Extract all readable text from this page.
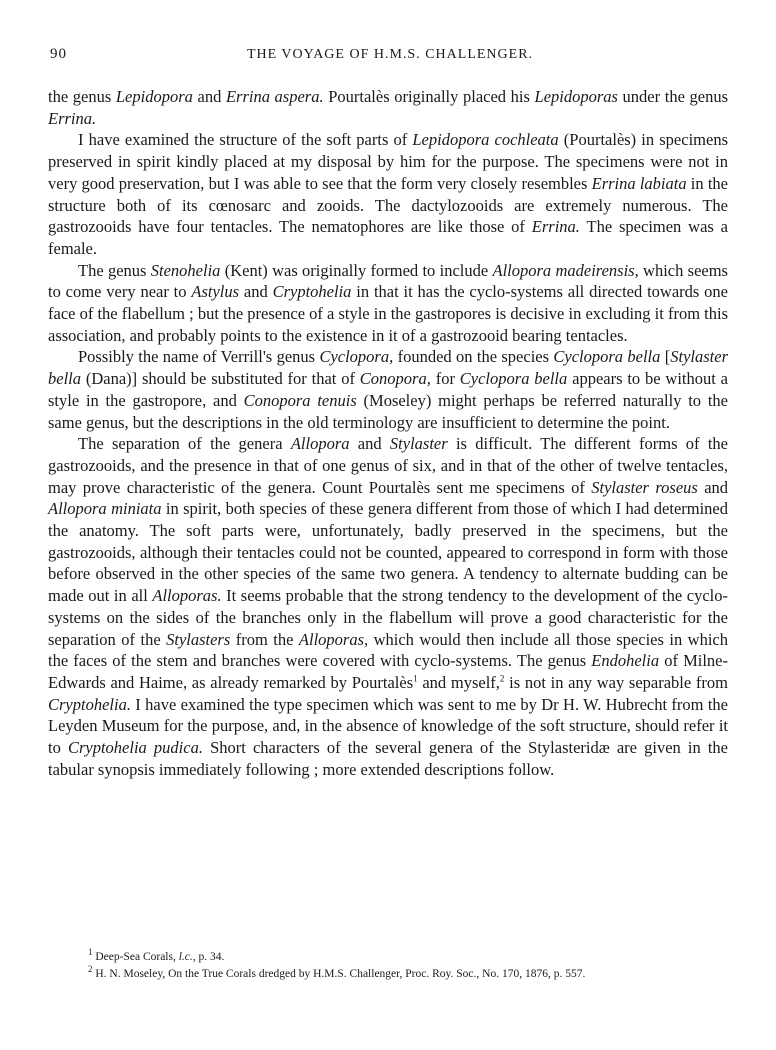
90	THE VOYAGE OF H.M.S. CHALLENGER.

the genus Lepidopora and Errina aspera. Pourtalès originally placed his Lepidoporas under the genus Errina.

I have examined the structure of the soft parts of Lepidopora cochleata (Pourtalès) in specimens preserved in spirit kindly placed at my disposal by him for the purpose. The specimens were not in very good preservation, but I was able to see that the form very closely resembles Errina labiata in the structure both of its cœnosarc and zooids. The dactylozooids are extremely numerous. The gastrozooids have four tentacles. The nematophores are like those of Errina. The specimen was a female.

The genus Stenohelia (Kent) was originally formed to include Allopora madeirensis, which seems to come very near to Astylus and Cryptohelia in that it has the cyclo-systems all directed towards one face of the flabellum ; but the presence of a style in the gastropores is decisive in excluding it from this association, and probably points to the existence in it of a gastrozooid bearing tentacles.

Possibly the name of Verrill's genus Cyclopora, founded on the species Cyclopora bella [Stylaster bella (Dana)] should be substituted for that of Conopora, for Cyclopora bella appears to be without a style in the gastropore, and Conopora tenuis (Moseley) might perhaps be referred naturally to the same genus, but the descriptions in the old terminology are insufficient to determine the point.

The separation of the genera Allopora and Stylaster is difficult. The different forms of the gastrozooids, and the presence in that of one genus of six, and in that of the other of twelve tentacles, may prove characteristic of the genera. Count Pourtalès sent me specimens of Stylaster roseus and Allopora miniata in spirit, both species of these genera different from those of which I had determined the anatomy. The soft parts were, unfortunately, badly preserved in the specimens, but the gastrozooids, although their tentacles could not be counted, appeared to correspond in form with those before observed in the other species of the same two genera. A tendency to alternate budding can be made out in all Alloporas. It seems probable that the strong tendency to the development of the cyclo-systems on the sides of the branches only in the flabellum will prove a good characteristic for the separation of the Stylasters from the Alloporas, which would then include all those species in which the faces of the stem and branches were covered with cyclo-systems. The genus Endohelia of Milne-Edwards and Haime, as already remarked by Pourtalès$^1$ and myself,$^2$ is not in any way separable from Cryptohelia. I have examined the type specimen which was sent to me by Dr H. W. Hubrecht from the Leyden Museum for the purpose, and, in the absence of knowledge of the soft structure, should refer it to Cryptohelia pudica. Short characters of the several genera of the Stylasteridæ are given in the tabular synopsis immediately following ; more extended descriptions follow.

$^1$ Deep-Sea Corals, l.c., p. 34.
$^2$ H. N. Moseley, On the True Corals dredged by H.M.S. Challenger, Proc. Roy. Soc., No. 170, 1876, p. 557.
